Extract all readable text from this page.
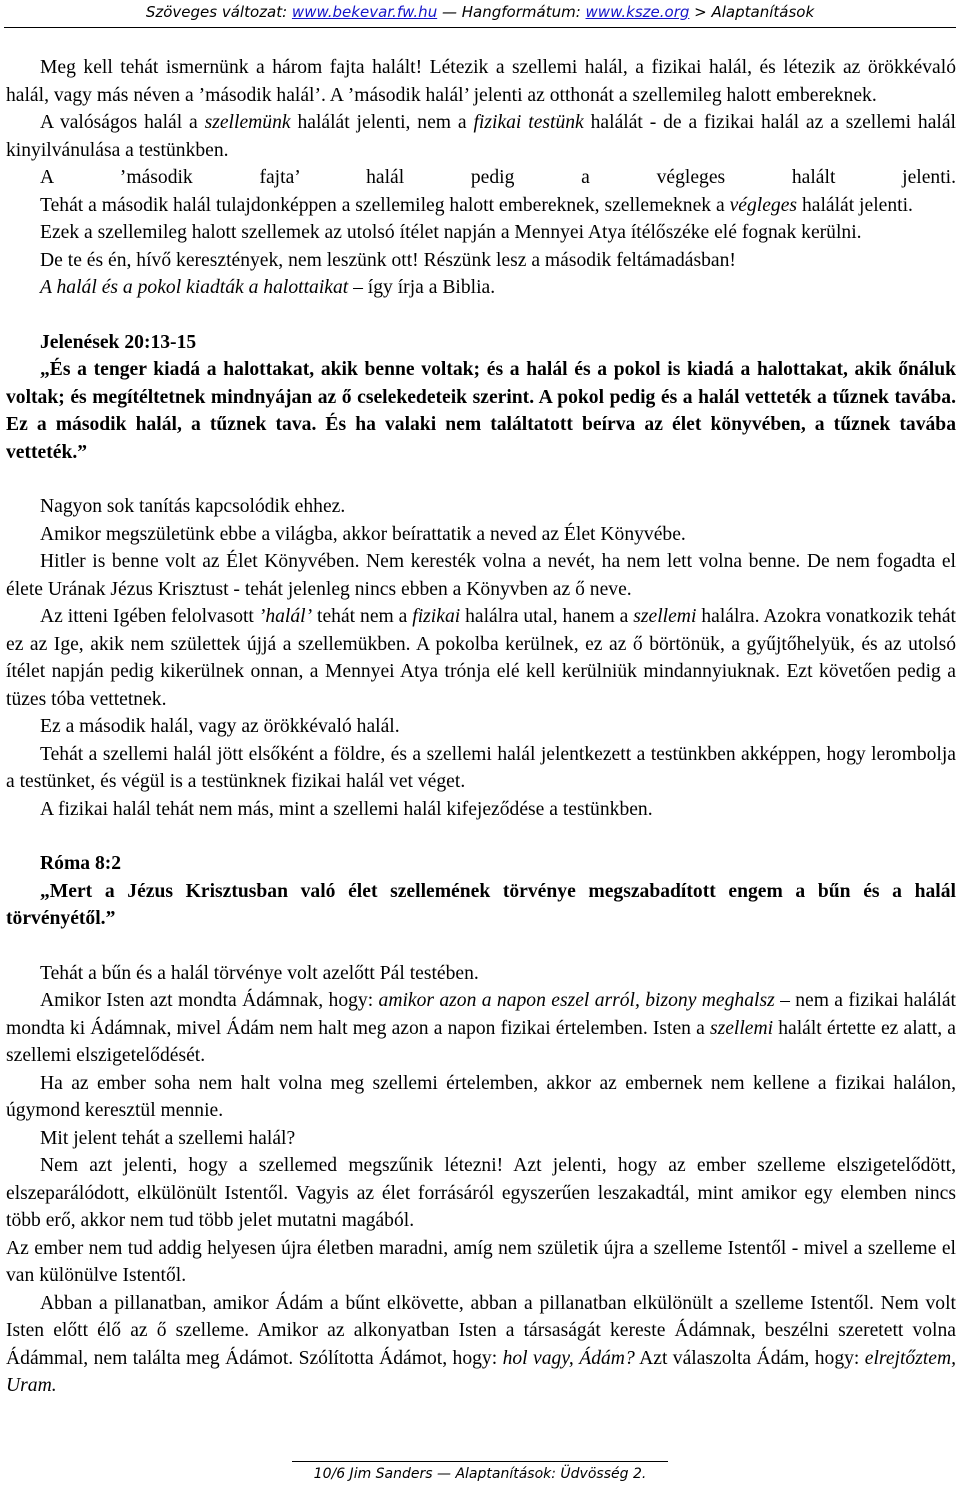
Szöveges változat: www.bekevar.fw.hu — Hangformátum: www.ksze.org > Alaptanítások

Meg kell tehát ismernünk a három fajta halált! Létezik a szellemi halál, a fizikai halál, és létezik az örökkévaló halál, vagy más néven a ’második halál’. A ’második halál’ jelenti az otthonát a szellemileg halott embereknek.

A valóságos halál a szellemünk halálát jelenti, nem a fizikai testünk halálát - de a fizikai halál az a szellemi halál kinyilvánulása a testünkben.

A ’második fajta’ halál pedig a végleges halált jelenti.

Tehát a második halál tulajdonképpen a szellemileg halott embereknek, szellemeknek a végleges halálát jelenti.

Ezek a szellemileg halott szellemek az utolsó ítélet napján a Mennyei Atya ítélőszéke elé fognak kerülni.

De te és én, hívő keresztények, nem leszünk ott! Részünk lesz a második feltámadásban!

A halál és a pokol kiadták a halottaikat – így írja a Biblia.

Jelenések 20:13-15

„És a tenger kiadá a halottakat, akik benne voltak; és a halál és a pokol is kiadá a halottakat, akik őnáluk voltak; és megítéltetnek mindnyájan az ő cselekedeteik szerint. A pokol pedig és a halál vetteték a tűznek tavába. Ez a második halál, a tűznek tava. És ha valaki nem találtatott beírva az élet könyvében, a tűznek tavába vetteték.”

Nagyon sok tanítás kapcsolódik ehhez.

Amikor megszületünk ebbe a világba, akkor beírattatik a neved az Élet Könyvébe.

Hitler is benne volt az Élet Könyvében. Nem keresték volna a nevét, ha nem lett volna benne. De nem fogadta el élete Urának Jézus Krisztust - tehát jelenleg nincs ebben a Könyvben az ő neve.

Az itteni Igében felolvasott ’halál’ tehát nem a fizikai halálra utal, hanem a szellemi halálra. Azokra vonatkozik tehát ez az Ige, akik nem születtek újjá a szellemükben. A pokolba kerülnek, ez az ő börtönük, a gyűjtőhelyük, és az utolsó ítélet napján pedig kikerülnek onnan, a Mennyei Atya trónja elé kell kerülniük mindannyiuknak. Ezt követően pedig a tüzes tóba vettetnek.

Ez a második halál, vagy az örökkévaló halál.

Tehát a szellemi halál jött elsőként a földre, és a szellemi halál jelentkezett a testünkben akképpen, hogy lerombolja a testünket, és végül is a testünknek fizikai halál vet véget.

A fizikai halál tehát nem más, mint a szellemi halál kifejeződése a testünkben.

Róma 8:2

„Mert a Jézus Krisztusban való élet szellemének törvénye megszabadított engem a bűn és a halál törvényétől.”

Tehát a bűn és a halál törvénye volt azelőtt Pál testében.

Amikor Isten azt mondta Ádámnak, hogy: amikor azon a napon eszel arról, bizony meghalsz – nem a fizikai halálát mondta ki Ádámnak, mivel Ádám nem halt meg azon a napon fizikai értelemben. Isten a szellemi halált értette ez alatt, a szellemi elszigetelődését.

Ha az ember soha nem halt volna meg szellemi értelemben, akkor az embernek nem kellene a fizikai halálon, úgymond keresztül mennie.

Mit jelent tehát a szellemi halál?

Nem azt jelenti, hogy a szellemed megszűnik létezni! Azt jelenti, hogy az ember szelleme elszigetelődött, elszeparálódott, elkülönült Istentől. Vagyis az élet forrásáról egyszerűen leszakadtál, mint amikor egy elemben nincs több erő, akkor nem tud több jelet mutatni magából.

Az ember nem tud addig helyesen újra életben maradni, amíg nem születik újra a szelleme Istentől - mivel a szelleme el van különülve Istentől.

Abban a pillanatban, amikor Ádám a bűnt elkövette, abban a pillanatban elkülönült a szelleme Istentől. Nem volt Isten előtt élő az ő szelleme. Amikor az alkonyatban Isten a társaságát kereste Ádámnak, beszélni szeretett volna Ádámmal, nem találta meg Ádámot. Szólította Ádámot, hogy: hol vagy, Ádám? Azt válaszolta Ádám, hogy: elrejtőztem, Uram.

10/6 Jim Sanders — Alaptanítások: Üdvösség 2.
